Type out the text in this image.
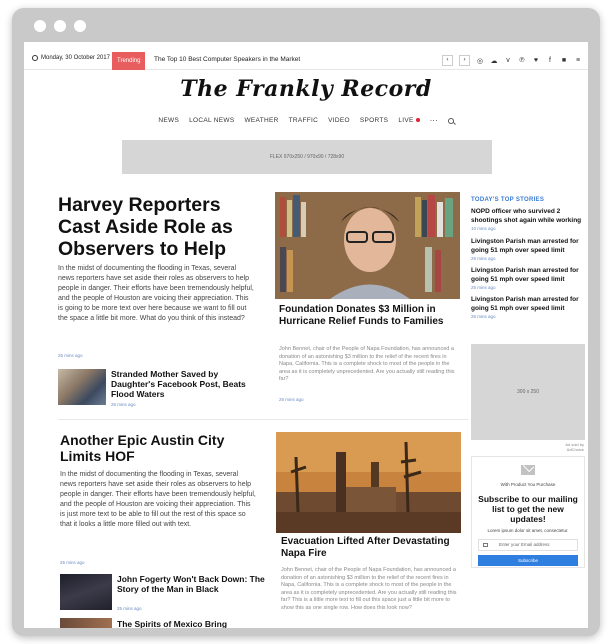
Monday, 30 October 2017	Trending	The Top 10 Best Computer Speakers in the Market	‹	›	◎ ☁	v	℗ ♥	f	■ ≡
The Frankly Record
NEWS LOCAL NEWS WEATHER TRAFFIC VIDEO SPORTS LIVE	···
FLEX 970x250 / 970x90 / 728x90
Harvey Reporters Cast Aside Role as Observers to Help
In the midst of documenting the flooding in Texas, several news reporters have set aside their roles as observers to help people in danger. Their efforts have been tremendously helpful, and the people of Houston are voicing their appreciation. This is going to be more text over here because we want to fill out the space a little bit more. What do you think of this instead?
25 mins ago
Stranded Mother Saved by Daughter's Facebook Post, Beats Flood Waters
25 mins ago
Another Epic Austin City Limits HOF
In the midst of documenting the flooding in Texas, several news reporters have set aside their roles as observers to help people in danger. Their efforts have been tremendously helpful, and the people of Houston are voicing their appreciation. This is just more text to be able to fill out the rest of this space so that it looks a little more filled out with text.
25 mins ago
John Fogerty Won't Back Down: The Story of the Man in Black
25 mins ago
The Spirits of Mexico Bring
Foundation Donates $3 Million in Hurricane Relief Funds to Families
John Bennet, chair of the People of Napa Foundation, has announced a donation of an astonishing $3 million to the relief of the recent fires in Napa, California. This is a complete shock to most of the people in the area as it is completely unprecedented. Are you actually still reading this far?
25 mins ago
Evacuation Lifted After Devastating Napa Fire
John Bennet, chair of the People of Napa Foundation, has announced a donation of an astonishing $3 million to the relief of the recent fires in Napa, California. This is a complete shock to most of the people in the area as it is completely unprecedented. Are you actually still reading this far? This is a little more text to fill out this space just a little bit more to show this as one single row. How does this look now?
TODAY'S TOP STORIES
NOPD officer who survived 2 shootings shot again while working
10 mins ago
Livingston Parish man arrested for going 51 mph over speed limit
25 mins ago
Livingston Parish man arrested for going 51 mph over speed limit
25 mins ago
Livingston Parish man arrested for going 51 mph over speed limit
25 mins ago
300 x 250
Ad sold by AdChoice
With Product You Purchase
Subscribe to our mailing list to get the new updates!
Lorem ipsum dolor sit amet, consectetur.
Enter your Email address
Subscribe
